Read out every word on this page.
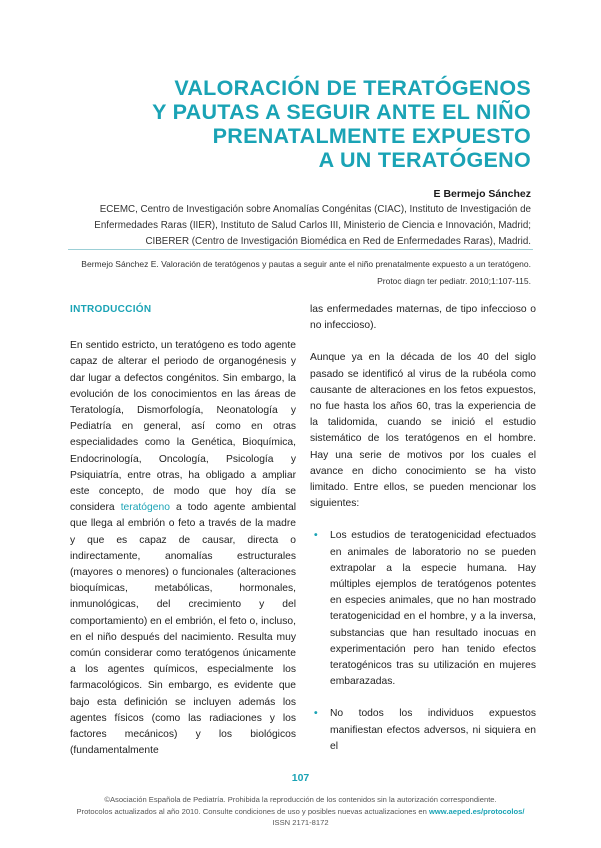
VALORACIÓN DE TERATÓGENOS
Y PAUTAS A SEGUIR ANTE EL NIÑO
PRENATALMENTE EXPUESTO
A UN TERATÓGENO

E Bermejo Sánchez

ECEMC, Centro de Investigación sobre Anomalías Congénitas (CIAC), Instituto de Investigación de
Enfermedades Raras (IIER), Instituto de Salud Carlos III, Ministerio de Ciencia e Innovación, Madrid;
CIBERER (Centro de Investigación Biomédica en Red de Enfermedades Raras), Madrid.

Bermejo Sánchez E. Valoración de teratógenos y pautas a seguir ante el niño prenatalmente expuesto a un teratógeno.
Protoc diagn ter pediatr. 2010;1:107-115.

INTRODUCCIÓN

En sentido estricto, un teratógeno es todo agente capaz de alterar el periodo de organogénesis y dar lugar a defectos congénitos. Sin embargo, la evolución de los conocimientos en las áreas de Teratología, Dismorfología, Neonatología y Pediatría en general, así como en otras especialidades como la Genética, Bioquímica, Endocrinología, Oncología, Psicología y Psiquiatría, entre otras, ha obligado a ampliar este concepto, de modo que hoy día se considera teratógeno a todo agente ambiental que llega al embrión o feto a través de la madre y que es capaz de causar, directa o indirectamente, anomalías estructurales (mayores o menores) o funcionales (alteraciones bioquímicas, metabólicas, hormonales, inmunológicas, del crecimiento y del comportamiento) en el embrión, el feto o, incluso, en el niño después del nacimiento. Resulta muy común considerar como teratógenos únicamente a los agentes químicos, especialmente los farmacológicos. Sin embargo, es evidente que bajo esta definición se incluyen además los agentes físicos (como las radiaciones y los factores mecánicos) y los biológicos (fundamentalmente

las enfermedades maternas, de tipo infeccioso o no infeccioso).

Aunque ya en la década de los 40 del siglo pasado se identificó al virus de la rubéola como causante de alteraciones en los fetos expuestos, no fue hasta los años 60, tras la experiencia de la talidomida, cuando se inició el estudio sistemático de los teratógenos en el hombre. Hay una serie de motivos por los cuales el avance en dicho conocimiento se ha visto limitado. Entre ellos, se pueden mencionar los siguientes:

• Los estudios de teratogenicidad efectuados en animales de laboratorio no se pueden extrapolar a la especie humana. Hay múltiples ejemplos de teratógenos potentes en especies animales, que no han mostrado teratogenicidad en el hombre, y a la inversa, substancias que han resultado inocuas en experimentación pero han tenido efectos teratogénicos tras su utilización en mujeres embarazadas.
• No todos los individuos expuestos manifiestan efectos adversos, ni siquiera en el
107
©Asociación Española de Pediatría. Prohibida la reproducción de los contenidos sin la autorización correspondiente.
Protocolos actualizados al año 2010. Consulte condiciones de uso y posibles nuevas actualizaciones en www.aeped.es/protocolos/
ISSN 2171-8172
